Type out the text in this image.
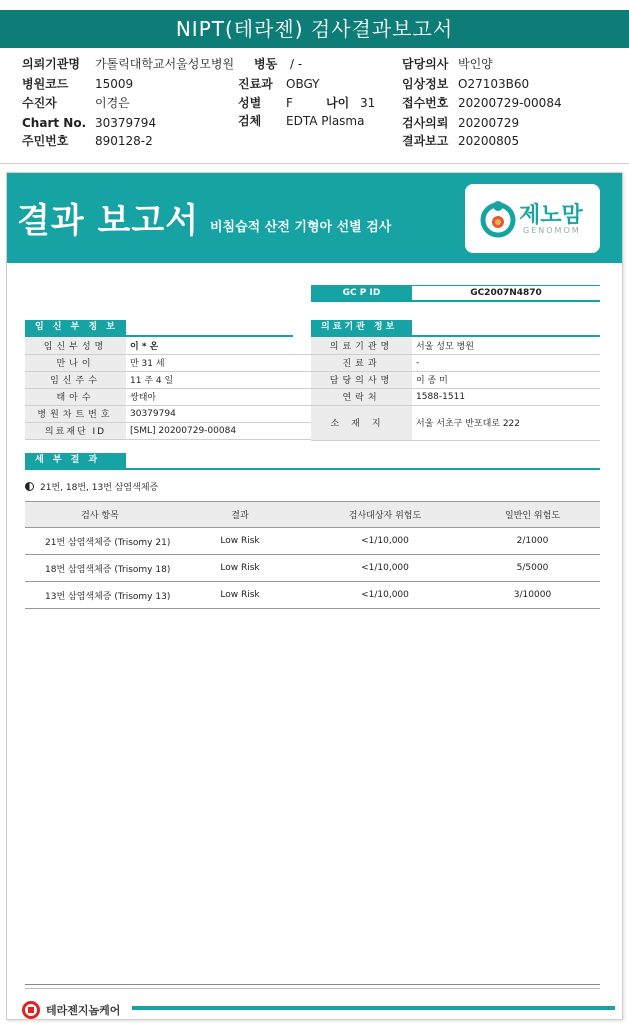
NIPT(테라젠) 검사결과보고서
의뢰기관명 가톨릭대학교서울성모병원 병동 / -	담당의사 박인양
병원코드 15009	진료과 OBGY	임상정보 O27103B60
수진자	이경은	성별 F	나이 31 접수번호 20200729-00084
Chart No. 30379794	검체 EDTA Plasma	검사의뢰 20200729
주민번호 890128-2	결과보고 20200805
결과 보고서 비침습적 산전 기형아 선별 검사	제노맘
GENOMOM
GC P ID	GC2007N4870
임 신 부 정 보
임신부성명	이 * 온
만나이	만 31 세
임신주수	11 주 4 일
태아수	쌍태아
병원차트번호	30379794
의료재단 ID	[SML] 20200729-00084
의료기관 정보
의료기관명	서울 성모 병원
진료과	-
담당의사명	이 종 미
연락처	1588-1511
소재지	서울 서초구 반포대로 222
세 부 결 과
21번, 18번, 13번 삼염색체증
검사 항목	결과	검사대상자 위험도	일반인 위험도
21번 삼염색체증 (Trisomy 21)	Low Risk	<1/10,000	2/1000
18번 삼염색체증 (Trisomy 18)	Low Risk	<1/10,000	5/5000
13번 삼염색체증 (Trisomy 13)	Low Risk	<1/10,000	3/10000
테라젠지놈케어
